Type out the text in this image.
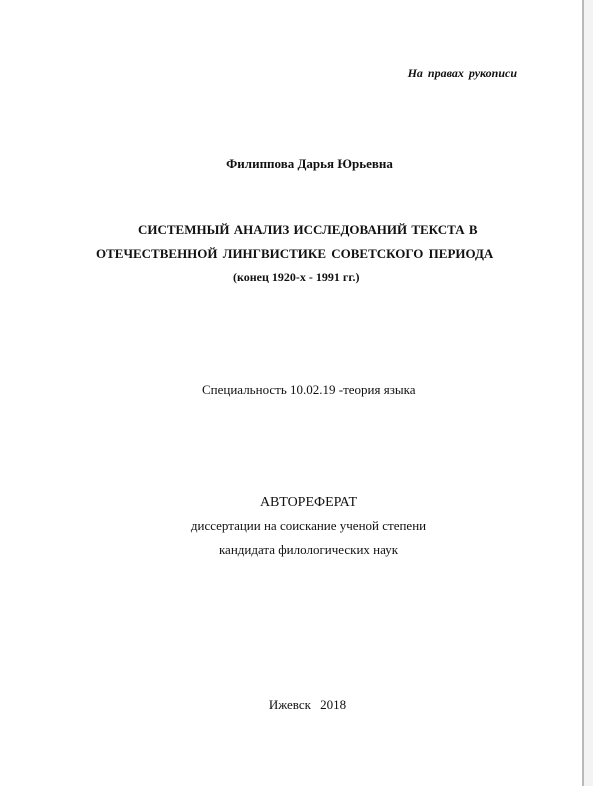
На правах рукописи

Филиппова Дарья Юрьевна

СИСТЕМНЫЙ АНАЛИЗ ИССЛЕДОВАНИЙ ТЕКСТА В

ОТЕЧЕСТВЕННОЙ ЛИНГВИСТИКЕ СОВЕТСКОГО ПЕРИОДА

(конец 1920-х - 1991 гг.)

Специальность 10.02.19 -теория языка

АВТОРЕФЕРАТ

диссертации на соискание ученой степени

кандидата филологических наук

Ижевск 2018
